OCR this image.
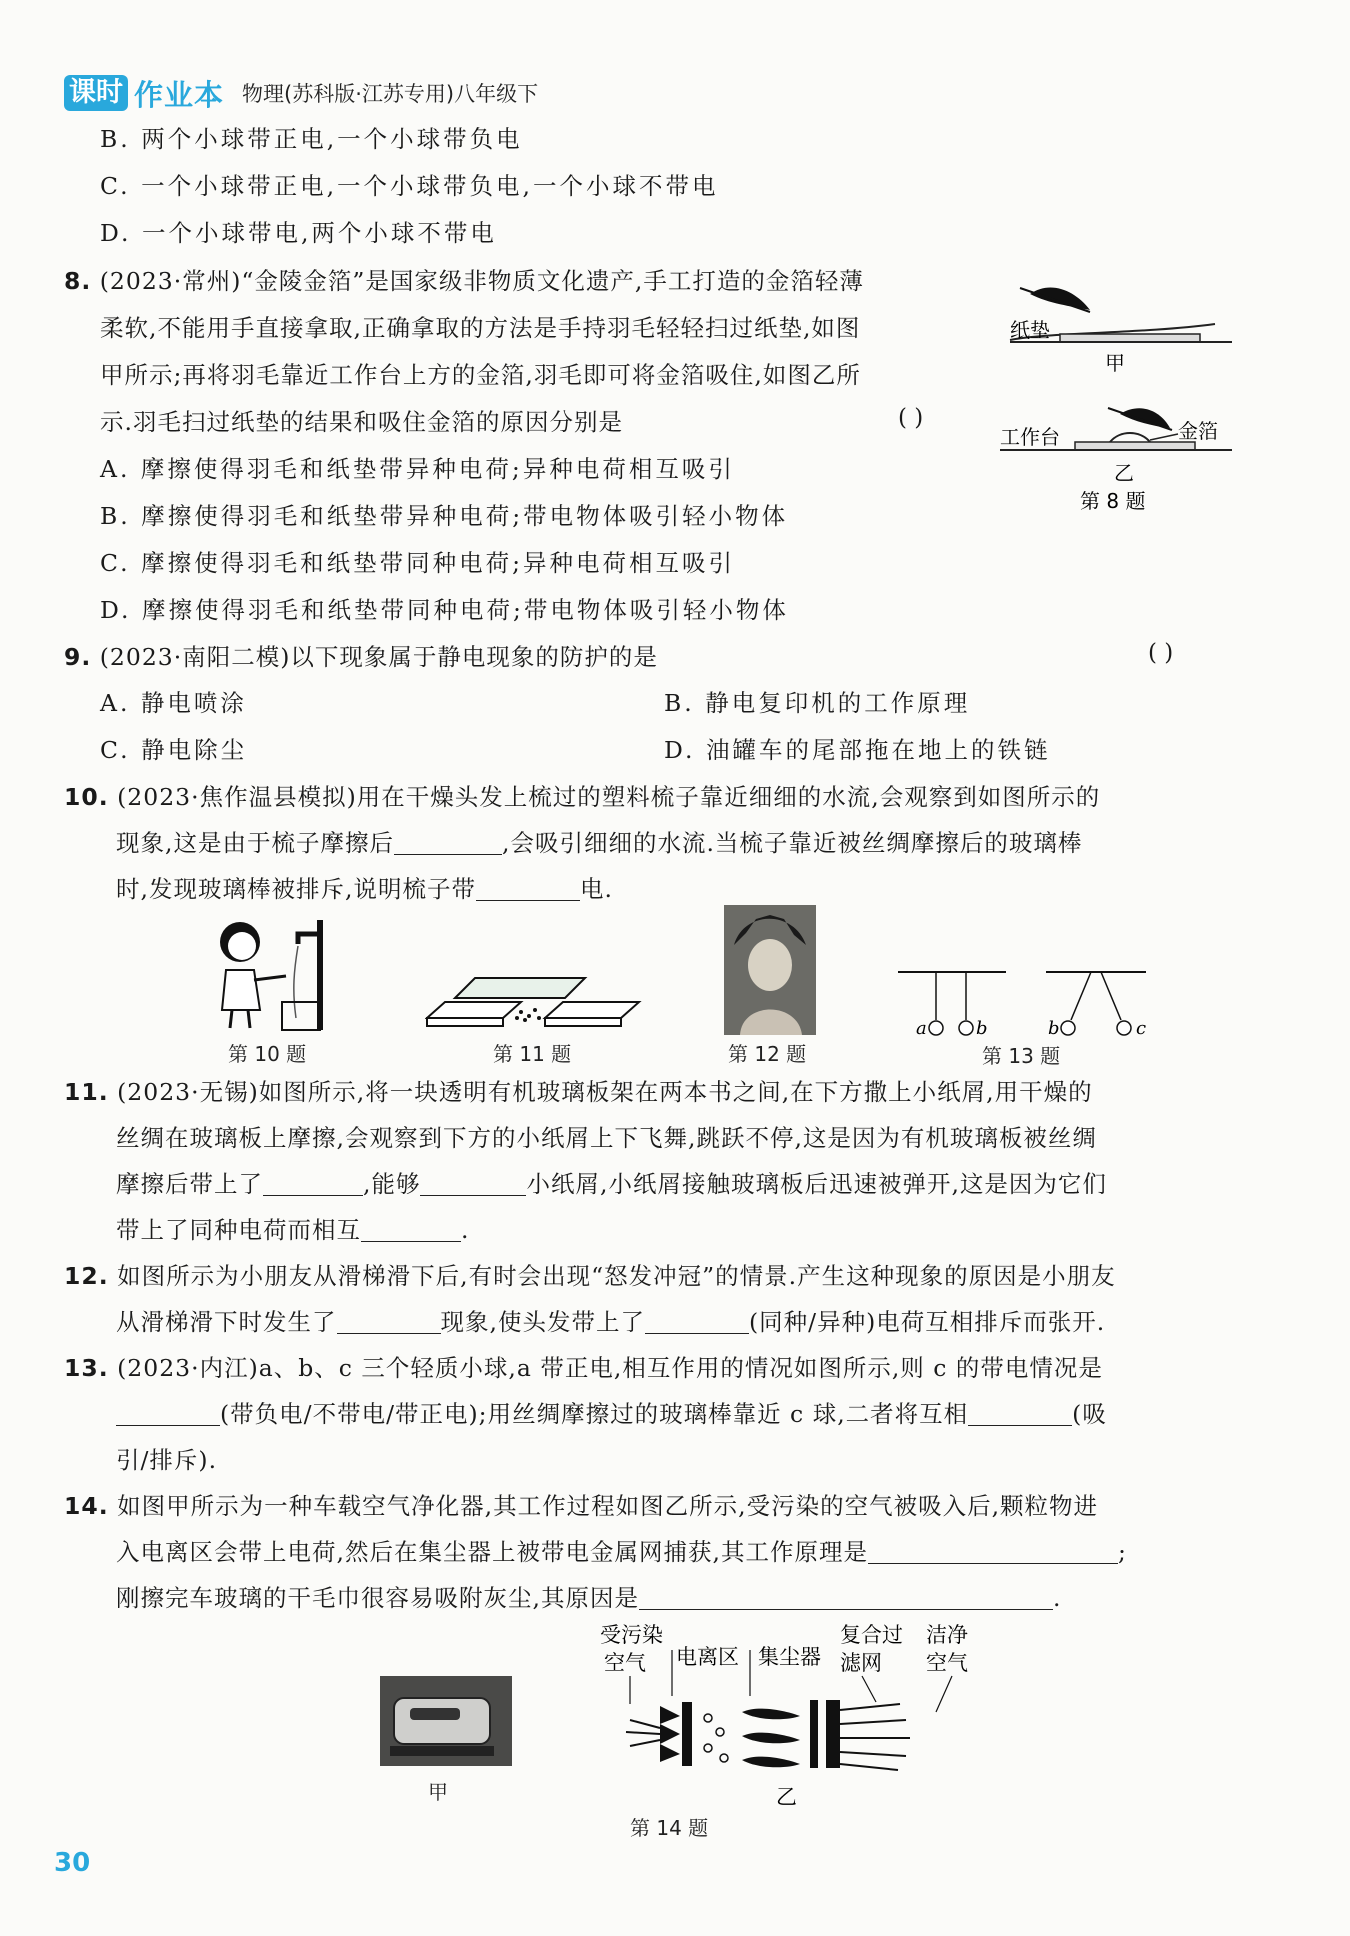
课时 作业本 物理(苏科版·江苏专用)八年级下
B. 两个小球带正电,一个小球带负电
C. 一个小球带正电,一个小球带负电,一个小球不带电
D. 一个小球带电,两个小球不带电
8. (2023·常州)“金陵金箔”是国家级非物质文化遗产,手工打造的金箔轻薄
柔软,不能用手直接拿取,正确拿取的方法是手持羽毛轻轻扫过纸垫,如图
甲所示;再将羽毛靠近工作台上方的金箔,羽毛即可将金箔吸住,如图乙所
示.羽毛扫过纸垫的结果和吸住金箔的原因分别是	( )
A. 摩擦使得羽毛和纸垫带异种电荷;异种电荷相互吸引
B. 摩擦使得羽毛和纸垫带异种电荷;带电物体吸引轻小物体
C. 摩擦使得羽毛和纸垫带同种电荷;异种电荷相互吸引
D. 摩擦使得羽毛和纸垫带同种电荷;带电物体吸引轻小物体
纸垫
甲
工作台	金箔
乙
第 8 题
9. (2023·南阳二模)以下现象属于静电现象的防护的是	( )
A. 静电喷涂	B. 静电复印机的工作原理
C. 静电除尘	D. 油罐车的尾部拖在地上的铁链
10. (2023·焦作温县模拟)用在干燥头发上梳过的塑料梳子靠近细细的水流,会观察到如图所示的
现象,这是由于梳子摩擦后	,会吸引细细的水流.当梳子靠近被丝绸摩擦后的玻璃棒
时,发现玻璃棒被排斥,说明梳子带	电.
第 10 题	第 11 题	第 12 题
a	b	b	c
第 13 题
11. (2023·无锡)如图所示,将一块透明有机玻璃板架在两本书之间,在下方撒上小纸屑,用干燥的
丝绸在玻璃板上摩擦,会观察到下方的小纸屑上下飞舞,跳跃不停,这是因为有机玻璃板被丝绸
摩擦后带上了	,能够	小纸屑,小纸屑接触玻璃板后迅速被弹开,这是因为它们
带上了同种电荷而相互	.
12. 如图所示为小朋友从滑梯滑下后,有时会出现“怒发冲冠”的情景.产生这种现象的原因是小朋友
从滑梯滑下时发生了	现象,使头发带上了	(同种/异种)电荷互相排斥而张开.
13. (2023·内江)a、b、c 三个轻质小球,a 带正电,相互作用的情况如图所示,则 c 的带电情况是
(带负电/不带电/带正电);用丝绸摩擦过的玻璃棒靠近 c 球,二者将互相	(吸
引/排斥).
14. 如图甲所示为一种车载空气净化器,其工作过程如图乙所示,受污染的空气被吸入后,颗粒物进
入电离区会带上电荷,然后在集尘器上被带电金属网捕获,其工作原理是	;
刚擦完车玻璃的干毛巾很容易吸附灰尘,其原因是	.
甲
受污染
空气 电离区 集尘器
复合过
滤网
洁净
空气
乙
第 14 题
30
